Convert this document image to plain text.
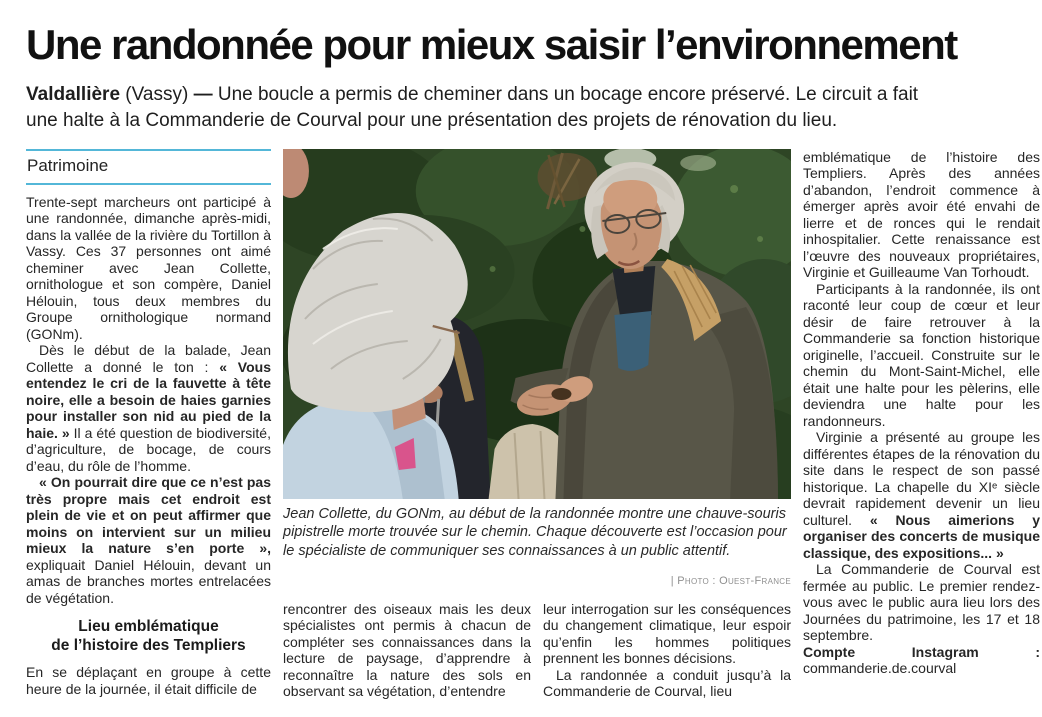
Une randonnée pour mieux saisir l’environnement

Valdallière (Vassy) — Une boucle a permis de cheminer dans un bocage encore préservé. Le circuit a fait une halte à la Commanderie de Courval pour une présentation des projets de rénovation du lieu.

Patrimoine

Trente-sept marcheurs ont participé à une randonnée, dimanche après-midi, dans la vallée de la rivière du Tortillon à Vassy. Ces 37 personnes ont aimé cheminer avec Jean Collette, ornithologue et son compère, Daniel Hélouin, tous deux membres du Groupe ornithologique normand (GONm).

Dès le début de la balade, Jean Collette a donné le ton : « Vous entendez le cri de la fauvette à tête noire, elle a besoin de haies garnies pour installer son nid au pied de la haie. » Il a été question de biodiversité, d’agriculture, de bocage, de cours d’eau, du rôle de l’homme.

« On pourrait dire que ce n’est pas très propre mais cet endroit est plein de vie et on peut affirmer que moins on intervient sur un milieu mieux la nature s’en porte », expliquait Daniel Hélouin, devant un amas de branches mortes entrelacées de végétation.

Lieu emblématique
de l’histoire des Templiers

En se déplaçant en groupe à cette heure de la journée, il était difficile de

Jean Collette, du GONm, au début de la randonnée montre une chauve-souris pipistrelle morte trouvée sur le chemin. Chaque découverte est l’occasion pour le spécialiste de communiquer ses connaissances à un public attentif.

| Photo : Ouest-France

rencontrer des oiseaux mais les deux spécialistes ont permis à chacun de compléter ses connaissances dans la lecture de paysage, d’apprendre à reconnaître la nature des sols en observant sa végétation, d’entendre

leur interrogation sur les conséquences du changement climatique, leur espoir qu’enfin les hommes politiques prennent les bonnes décisions.

La randonnée a conduit jusqu’à la Commanderie de Courval, lieu

emblématique de l’histoire des Templiers. Après des années d’abandon, l’endroit commence à émerger après avoir été envahi de lierre et de ronces qui le rendait inhospitalier. Cette renaissance est l’œuvre des nouveaux propriétaires, Virginie et Guilleaume Van Torhoudt.

Participants à la randonnée, ils ont raconté leur coup de cœur et leur désir de faire retrouver à la Commanderie sa fonction historique originelle, l’accueil. Construite sur le chemin du Mont-Saint-Michel, elle était une halte pour les pèlerins, elle deviendra une halte pour les randonneurs.

Virginie a présenté au groupe les différentes étapes de la rénovation du site dans le respect de son passé historique. La chapelle du XIᵉ siècle devrait rapidement devenir un lieu culturel. « Nous aimerions y organiser des concerts de musique classique, des expositions... »

La Commanderie de Courval est fermée au public. Le premier rendez-vous avec le public aura lieu lors des Journées du patrimoine, les 17 et 18 septembre.

Compte Instagram : commanderie.de.courval
